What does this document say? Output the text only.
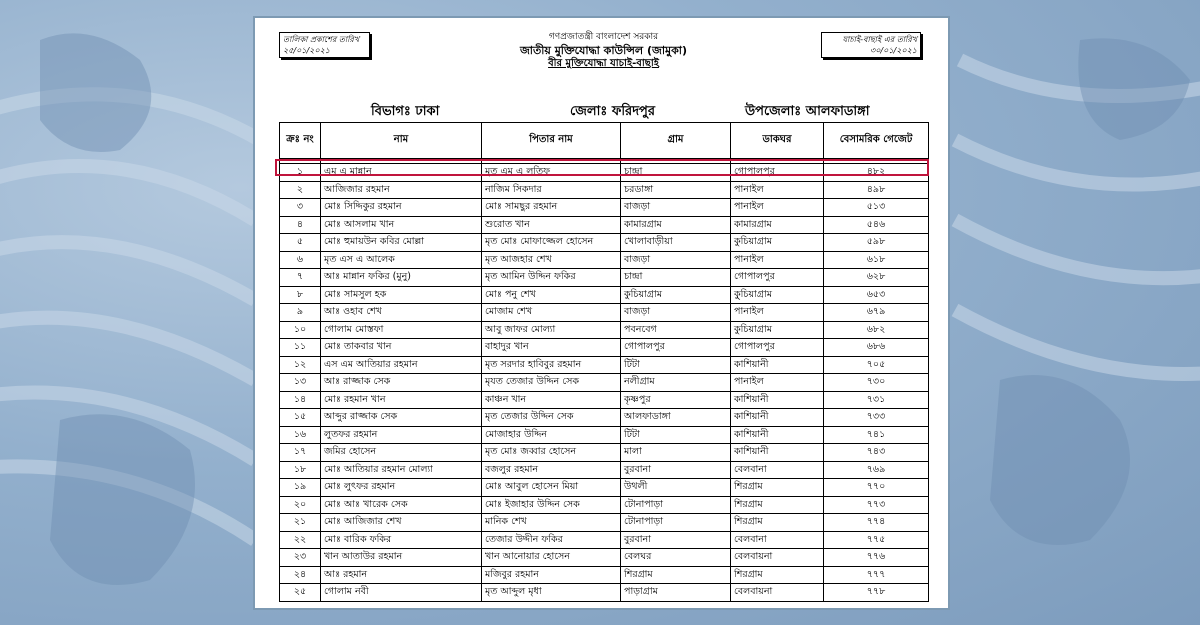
তালিকা প্রকাশের তারিখ
২৫/০১/২০২১
যাচাই-বাছাই এর তারিখ
৩০/০১/২০২১
গণপ্রজাতন্ত্রী বাংলাদেশ সরকার
জাতীয় মুক্তিযোদ্ধা কাউন্সিল (জামুকা)
বীর মুক্তিযোদ্ধা যাচাই-বাছাই
বিভাগঃ ঢাকা	জেলাঃ ফরিদপুর	উপজেলাঃ আলফাডাঙ্গা
ক্রঃ নং	নাম	পিতার নাম	গ্রাম	ডাকঘর	বেসামরিক গেজেট

১	এম এ মান্নান	মৃত এম এ লতিফ	চান্দ্রা	গোপালপুর	৪৮২
২	আজিজার রহমান	নাজিম সিকদার	চরডাঙ্গা	পানাইল	৪৯৮
৩	মোঃ সিদ্দিকুর রহমান	মোঃ সামছুর রহমান	বাজড়া	পানাইল	৫১৩
৪	মোঃ আসলাম খান	শুরোত খান	কামারগ্রাম	কামারগ্রাম	৫৪৬
৫	মোঃ হুমায়উন কবির মোল্লা	মৃত মোঃ মোফাজ্জেল হোসেন	খোলাবাড়ীয়া	কুচিয়াগ্রাম	৫৯৮
৬	মৃত এস এ আলেক	মৃত আজহার শেখ	বাজড়া	পানাইল	৬১৮
৭	আঃ মান্নান ফকির (মুনু)	মৃত আমিন উদ্দিন ফকির	চান্দ্রা	গোপালপুর	৬২৮
৮	মোঃ সামসুল হক	মোঃ পনু শেখ	কুচিয়াগ্রাম	কু্চিয়াগ্রাম	৬৫৩
৯	আঃ ওহাব শেখ	মোজাম শেখ	বাজড়া	পানাইল	৬৭৯
১০	গোলাম মোস্তফা	আবু জাফর মোল্যা	পবনবেগ	কুচিয়াগ্রাম	৬৮২
১১	মোঃ তাকবার খান	বাহাদুর খান	গোপালপুর	গোপালপুর	৬৮৬
১২	এস এম আতিয়ার রহমান	মৃত সরদার হাবিবুর রহমান	টিটা	কাশিয়ানী	৭০৫
১৩	আঃ রাজ্জাক সেক	মৃযত তেজার উদ্দিন সেক	নলীগ্রাম	পানাইল	৭৩০
১৪	মোঃ রহমান খান	কাঞ্চন খান	কৃষ্ণপুর	কাশিয়ানী	৭৩১
১৫	আব্দুর রাজ্জাক সেক	মৃত তেজার উদ্দিন সেক	আলফাডাঙ্গা	কাশিয়ানী	৭৩৩
১৬	লুতফর রহমান	মোজাহার উদ্দিন	টিটা	কাশিয়ানী	৭৪১
১৭	জমির হোসেন	মৃত মোঃ জব্বার হোসেন	মালা	কাশিয়ানী	৭৪৩
১৮	মোঃ আতিয়ার রহমান মোল্যা	বজলুর রহমান	বুরবানা	বেলবানা	৭৬৯
১৯	মোঃ লুৎফর রহমান	মোঃ আবুল হোসেন মিয়া	উথলী	শিরগ্রাম	৭৭০
২০	মোঃ আঃ খারেক সেক	মোঃ ইজাহার উদ্দিন সেক	টোনাপাড়া	শিরগ্রাম	৭৭৩
২১	মোঃ আজিজার শেখ	মানিক শেখ	টোনাপাড়া	শিরগ্রাম	৭৭৪
২২	মোঃ বারিক ফকির	তেজার উদ্দীন ফকির	বুরবানা	বেলবানা	৭৭৫
২৩	খান আতাউর রহমান	খান আনোয়ার হোসেন	বেলঘর	বেলবায়না	৭৭৬
২৪	আঃ রহমান	মজিবুর রহমান	শিরগ্রাম	শিরগ্রাম	৭৭৭
২৫	গোলাম নবী	মৃত আব্দুল মৃধা	পাড়াগ্রাম	বেলবায়না	৭৭৮
